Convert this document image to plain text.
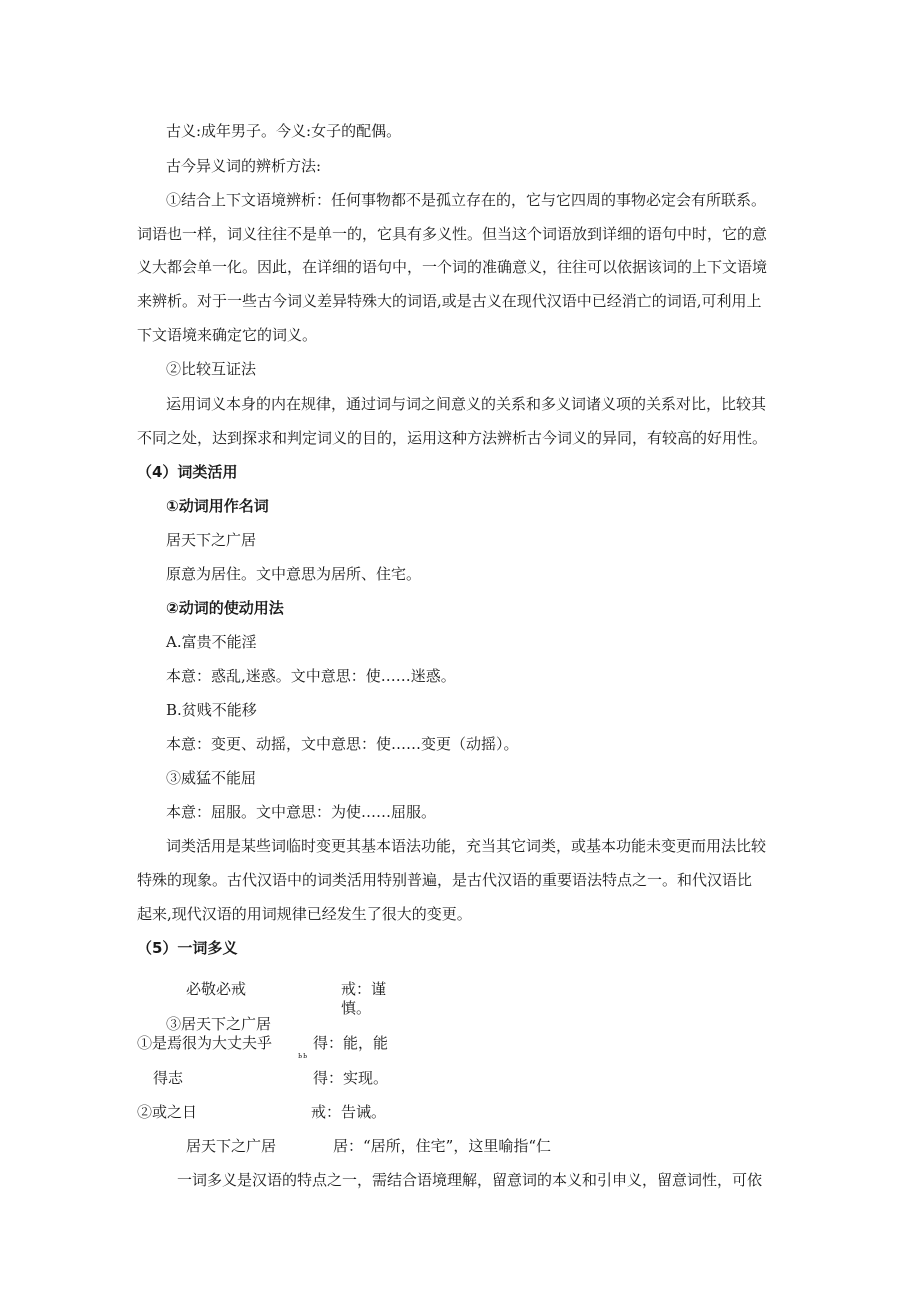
古义:成年男子。今义:女子的配偶。

古今异义词的辨析方法:

①结合上下文语境辨析：任何事物都不是孤立存在的，它与它四周的事物必定会有所联系。

词语也一样，词义往往不是单一的，它具有多义性。但当这个词语放到详细的语句中时，它的意

义大都会单一化。因此，在详细的语句中，一个词的准确意义，往往可以依据该词的上下文语境

来辨析。对于一些古今词义差异特殊大的词语,或是古义在现代汉语中已经消亡的词语,可利用上

下文语境来确定它的词义。

②比较互证法

运用词义本身的内在规律，通过词与词之间意义的关系和多义词诸义项的关系对比，比较其

不同之处，达到探求和判定词义的目的，运用这种方法辨析古今词义的异同，有较高的好用性。

（4）词类活用

①动词用作名词

居天下之广居

原意为居住。文中意思为居所、住宅。

②动词的使动用法

A.富贵不能淫

本意：惑乱,迷惑。文中意思：使……迷惑。

B.贫贱不能移

本意：变更、动摇，文中意思：使……变更（动摇）。

③威猛不能屈

本意：屈服。文中意思：为使……屈服。

词类活用是某些词临时变更其基本语法功能，充当其它词类，或基本功能未变更而用法比较

特殊的现象。古代汉语中的词类活用特别普遍，是古代汉语的重要语法特点之一。和代汉语比

起来,现代汉语的用词规律已经发生了很大的变更。

（5）一词多义

必敬必戒	戒：谨

慎。

③居天下之广居

①是焉很为大丈夫乎	得：能，能

ЬЬ

得志	得：实现。

②或之日	戒：告诫。

居天下之广居	居：“居所，住宅”，这里喻指“仁

一词多义是汉语的特点之一，需结合语境理解，留意词的本义和引申义，留意词性，可依
